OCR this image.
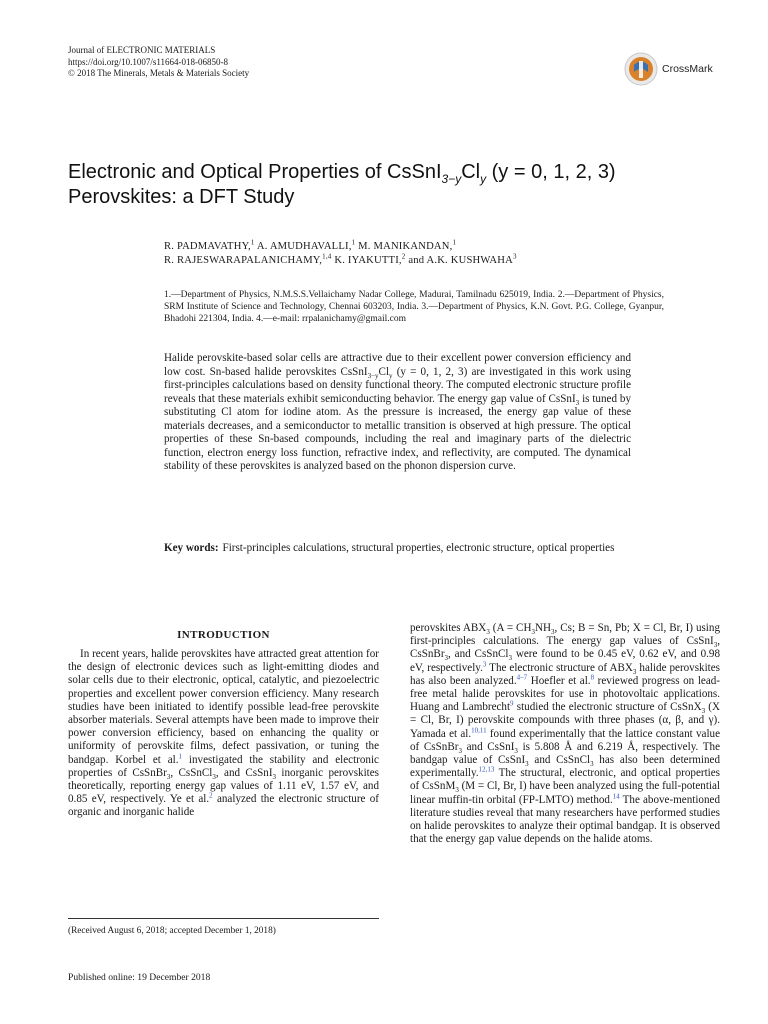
Journal of ELECTRONIC MATERIALS
https://doi.org/10.1007/s11664-018-06850-8
© 2018 The Minerals, Metals & Materials Society	CrossMark
Electronic and Optical Properties of $CsSnI_{3-y}Cl_y$ (y = 0, 1, 2, 3)
Perovskites: a DFT Study
R. PADMAVATHY,$^1$ A. AMUDHAVALLI,$^1$ M. MANIKANDAN,$^1$
R. RAJESWARAPALANICHAMY,$^{1,4}$ K. IYAKUTTI,$^2$ and A.K. KUSHWAHA$^3$
1.—Department of Physics, N.M.S.S.Vellaichamy Nadar College, Madurai, Tamilnadu 625019, India. 2.—Department of Physics, SRM Institute of Science and Technology, Chennai 603203, India. 3.—Department of Physics, K.N. Govt. P.G. College, Gyanpur, Bhadohi 221304, India. 4.—e-mail: rrpalanichamy@gmail.com
Halide perovskite-based solar cells are attractive due to their excellent power conversion efficiency and low cost. Sn-based halide perovskites $CsSnI_{3-y}Cl_y$ (y = 0, 1, 2, 3) are investigated in this work using first-principles calculations based on density functional theory. The computed electronic structure profile reveals that these materials exhibit semiconducting behavior. The energy gap value of CsSnI$_3$ is tuned by substituting Cl atom for iodine atom. As the pressure is increased, the energy gap value of these materials decreases, and a semiconductor to metallic transition is observed at high pressure. The optical properties of these Sn-based compounds, including the real and imaginary parts of the dielectric function, electron energy loss function, refractive index, and reflectivity, are computed. The dynamical stability of these perovskites is analyzed based on the phonon dispersion curve.
Key words: First-principles calculations, structural properties, electronic structure, optical properties
INTRODUCTION
In recent years, halide perovskites have attracted great attention for the design of electronic devices such as light-emitting diodes and solar cells due to their electronic, optical, catalytic, and piezoelectric properties and excellent power conversion efficiency. Many research studies have been initiated to identify possible lead-free perovskite absorber materials. Several attempts have been made to improve their power conversion efficiency, based on enhancing the quality or uniformity of perovskite films, defect passivation, or tuning the bandgap. Korbel et al.$^1$ investigated the stability and electronic properties of CsSnBr$_3$, CsSnCl$_3$, and CsSnI$_3$ inorganic perovskites theoretically, reporting energy gap values of 1.11 eV, 1.57 eV, and 0.85 eV, respectively. Ye et al.$^2$ analyzed the electronic structure of organic and inorganic halide
perovskites $ABX_3$ ($A = CH_3NH_3$, Cs; B = Sn, Pb; X = Cl, Br, I) using first-principles calculations. The energy gap values of CsSnI$_3$, CsSnBr$_3$, and CsSnCl$_3$ were found to be 0.45 eV, 0.62 eV, and 0.98 eV, respectively.$^3$ The electronic structure of $ABX_3$ halide perovskites has also been analyzed.$^{4-7}$ Hoefler et al.$^8$ reviewed progress on lead-free metal halide perovskites for use in photovoltaic applications. Huang and Lambrecht$^9$ studied the electronic structure of CsSnX$_3$ (X = Cl, Br, I) perovskite compounds with three phases (α, β, and γ). Yamada et al.$^{10,11}$ found experimentally that the lattice constant value of CsSnBr$_3$ and CsSnI$_3$ is 5.808 Å and 6.219 Å, respectively. The bandgap value of CsSnI$_3$ and CsSnCl$_3$ has also been determined experimentally.$^{12,13}$ The structural, electronic, and optical properties of CsSnM$_3$ (M = Cl, Br, I) have been analyzed using the full-potential linear muffin-tin orbital (FP-LMTO) method.$^{14}$ The above-mentioned literature studies reveal that many researchers have performed studies on halide perovskites to analyze their optimal bandgap. It is observed that the energy gap value depends on the halide atoms.
(Received August 6, 2018; accepted December 1, 2018)
Published online: 19 December 2018
